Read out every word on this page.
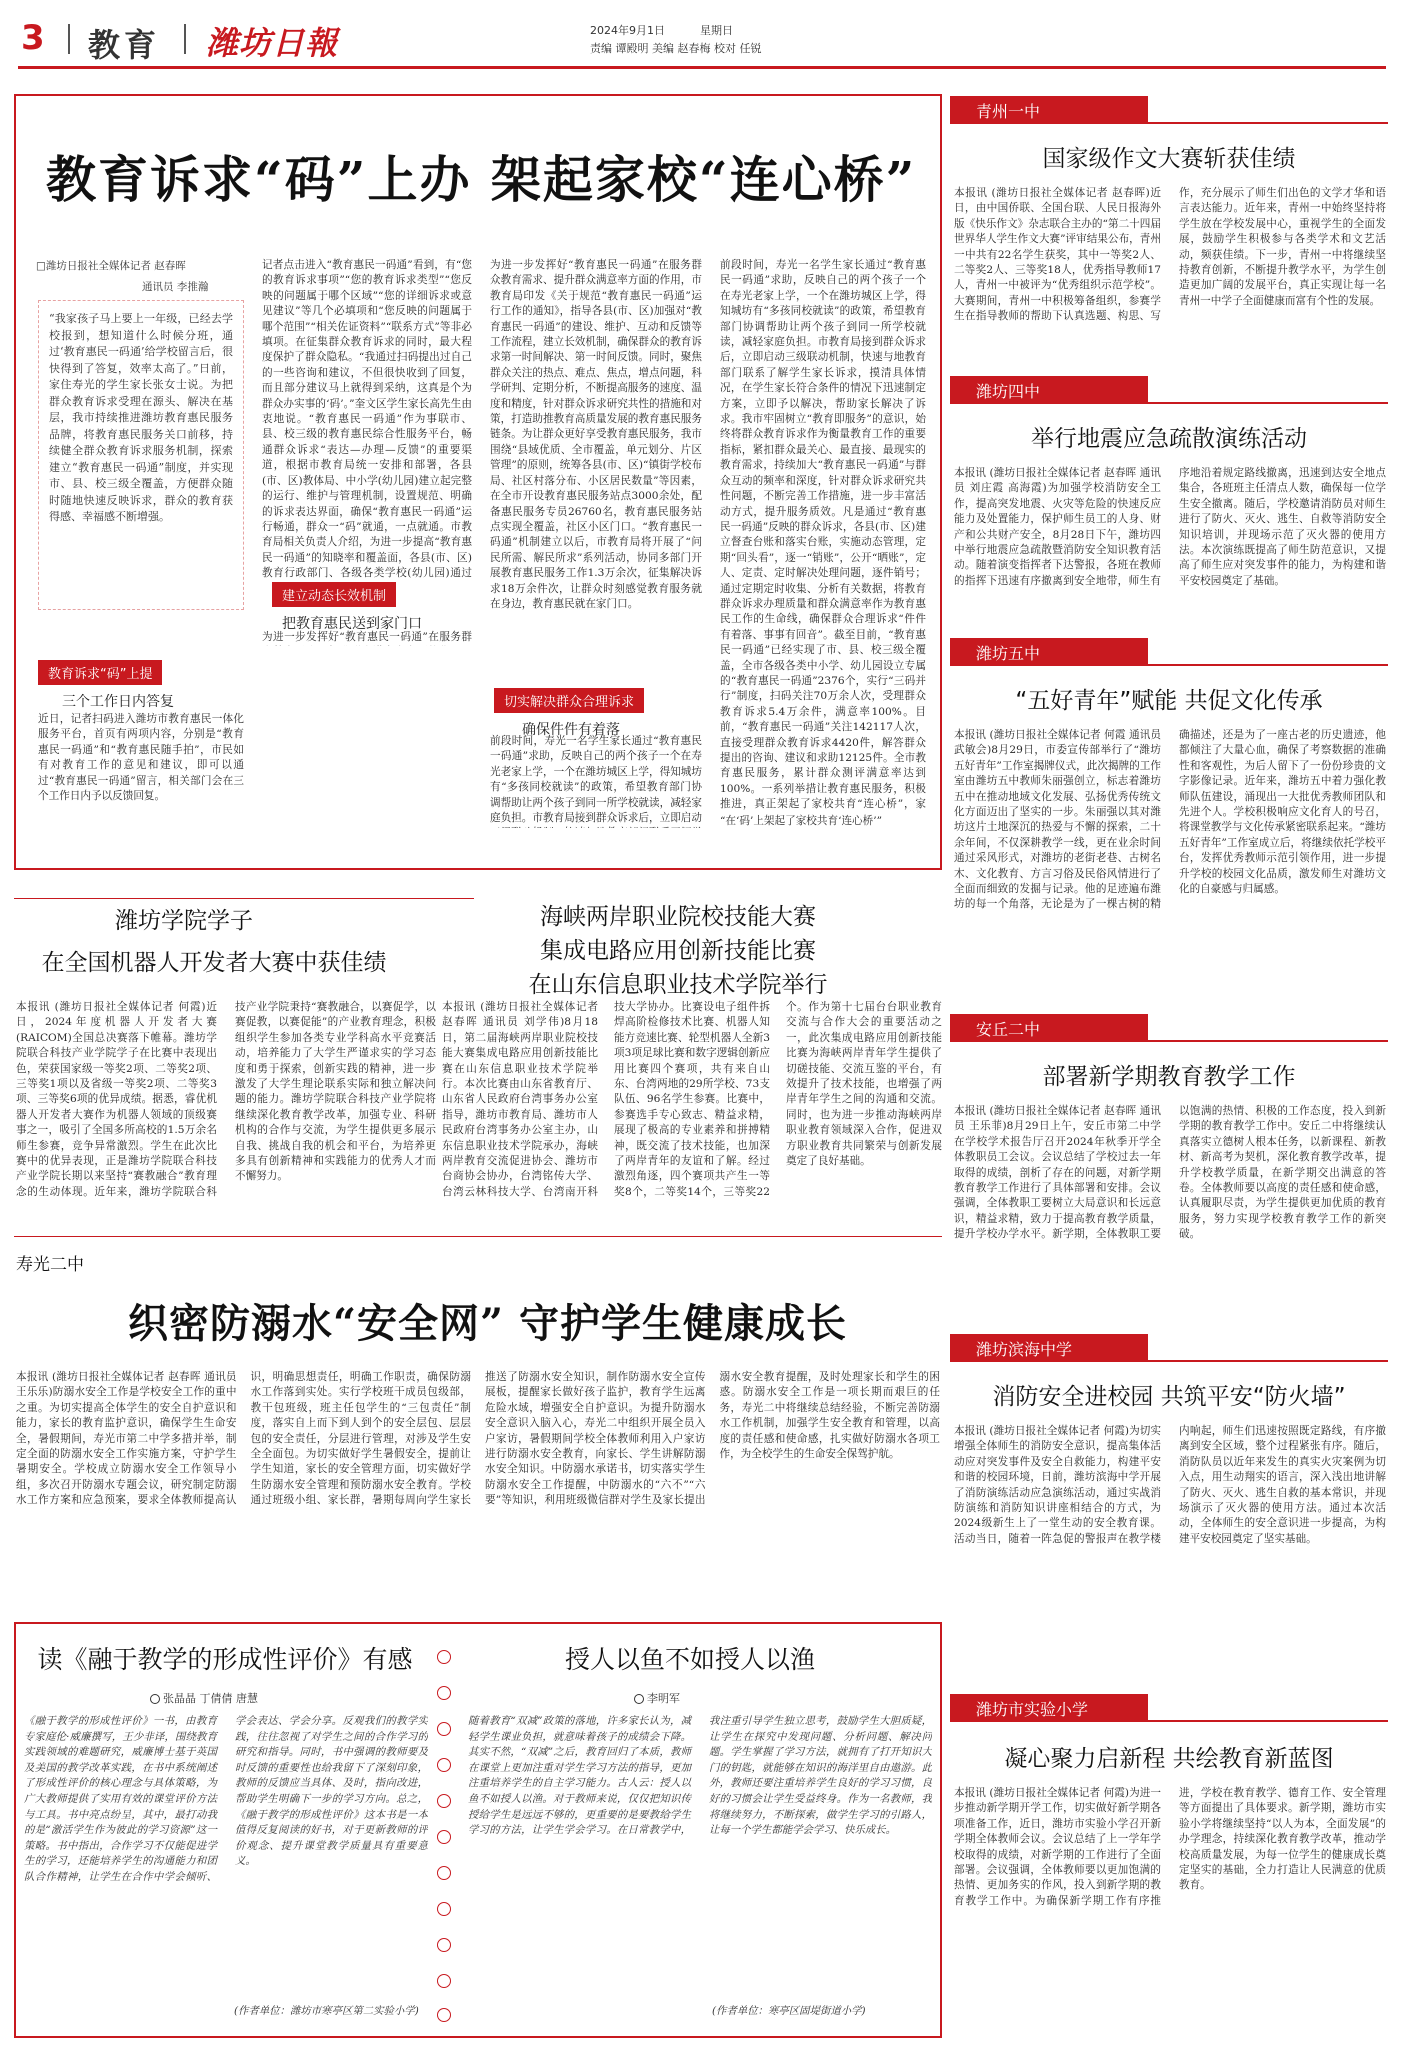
3 教育 潍坊日報	2024年9月1日	星期日
责编 谭殿明 美编 赵春梅 校对 任锐
教育诉求“码”上办 架起家校“连心桥”
□潍坊日报社全媒体记者 赵春晖
通讯员 李推瀚
“我家孩子马上要上一年级，已经去学校报到，想知道什么时候分班，通过‘教育惠民一码通’给学校留言后，很快得到了答复，效率太高了。”日前，家住寿光的学生家长张女士说。为把群众教育诉求受理在源头、解决在基层，我市持续推进潍坊教育惠民服务品牌，将教育惠民服务关口前移，持续健全群众教育诉求服务机制，探索建立“教育惠民一码通”制度，并实现市、县、校三级全覆盖，方便群众随时随地快速反映诉求，群众的教育获得感、幸福感不断增强。
教育诉求“码”上提
三个工作日内答复
近日，记者扫码进入潍坊市教育惠民一体化服务平台，首页有两项内容，分别是“教育惠民一码通”和“教育惠民随手拍”，市民如有对教育工作的意见和建议，即可以通过“教育惠民一码通”留言，相关部门会在三个工作日内予以反馈回复。
记者点击进入“教育惠民一码通”看到，有“您的教育诉求事项”“您的教育诉求类型”“您反映的问题属于哪个区域”“您的详细诉求或意见建议”等几个必填项和“您反映的问题属于哪个范围”“相关佐证资料”“联系方式”等非必填项。在征集群众教育诉求的同时，最大程度保护了群众隐私。“我通过扫码提出过自己的一些咨询和建议，不但很快收到了回复，而且部分建议马上就得到采纳，这真是个为群众办实事的‘码’。”奎文区学生家长高先生由衷地说。“教育惠民一码通”作为事联市、县、校三级的教育惠民综合性服务平台，畅通群众诉求“表达—办理—反馈”的重要渠道，根据市教育局统一安排和部署，各县(市、区)教体局、中小学(幼儿园)建立起完整的运行、维护与管理机制，设置规范、明确的诉求表达界面，确保“教育惠民一码通”运行畅通，群众一“码”就通，一点就通。市教育局相关负责人介绍，为进一步提高“教育惠民一码通”的知晓率和覆盖面，各县(市、区)教育行政部门、各级各类学校(幼儿园)通过
建立动态长效机制
把教育惠民送到家门口
为进一步发挥好“教育惠民一码通”在服务群
为进一步发挥好“教育惠民一码通”在服务群众教育需求、提升群众满意率方面的作用，市教育局印发《关于规范“教育惠民一码通”运行工作的通知》，指导各县(市、区)加强对“教育惠民一码通”的建设、维护、互动和反馈等工作流程，建立长效机制，确保群众的教育诉求第一时间解决、第一时间反馈。同时，聚焦群众关注的热点、难点、焦点，增点问题，科学研判、定期分析，不断提高服务的速度、温度和精度，针对群众诉求研究共性的措施和对策，打造助推教育高质量发展的教育惠民服务链条。为让群众更好享受教育惠民服务，我市围绕“县域优质、全市覆盖，单元划分、片区管理”的原则，统筹各县(市、区)“镇街学校布局、社区村落分布、小区居民数量”等因素，在全市开设教育惠民服务站点3000余处，配备惠民服务专员26760名，教育惠民服务站点实现全覆盖，社区小区门口。“教育惠民一码通”机制建立以后，市教育局将开展了“问民所需、解民所求”系列活动，协同多部门开展教育惠民服务工作1.3万余次，征集解决诉求18万余件次，让群众时刻感觉教育服务就在身边，教育惠民就在家门口。
切实解决群众合理诉求
确保件件有着落
前段时间，寿光一名学生家长通过“教育惠民一码通”求助，反映自己的两个孩子一个在寿光老家上学，一个在潍坊城区上学，得知城坊有“多孩同校就读”的政策，希望教育部门协调帮助让两个孩子到同一所学校就读，减轻家庭负担。市教育局接到群众诉求后，立即启动
前段时间，寿光一名学生家长通过“教育惠民一码通”求助，反映自己的两个孩子一个在寿光老家上学，一个在潍坊城区上学，得知城坊有“多孩同校就读”的政策，希望教育部门协调帮助让两个孩子到同一所学校就读，减轻家庭负担。市教育局接到群众诉求后，立即启动三级联动机制，快速与地教育部门联系了解学生家长诉求，摸清具体情况，在学生家长符合条件的情况下迅速制定方案，立即予以解决，帮助家长解决了诉求。我市牢固树立“教育即服务”的意识，始终将群众教育诉求作为衡量教育工作的重要指标，紧扣群众最关心、最直接、最现实的教育需求，持续加大“教育惠民一码通”与群众互动的频率和深度，针对群众诉求研究共性问题，不断完善工作措施，进一步丰富活动方式，提升服务质效。凡是通过“教育惠民一码通”反映的群众诉求，各县(市、区)建立督查台账和落实台账，实施动态管理，定期“回头看”，逐一“销账”，公开“晒账”，定人、定责、定时解决处理问题，逐件销号；通过定期定时收集、分析有关数据，将教育群众诉求办理质量和群众满意率作为教育惠民工作的生命线，确保群众合理诉求“件件有着落、事事有回音”。截至目前，“教育惠民一码通”已经实现了市、县、校三级全覆盖，全市各级各类中小学、幼儿园设立专属的“教育惠民一码通”2376个，实行“三码并行”制度，扫码关注70万余人次，受理群众教育诉求5.4万余件，满意率100%。目前，“教育惠民一码通”关注142117人次，直接受理群众教育诉求4420件，解答群众提出的咨询、建议和求助12125件。全市教育惠民服务，累计群众测评满意率达到100%。一系列举措让教育惠民服务，积极推进，真正架起了家校共育“连心桥”，家
“在‘码’上架起了家校共育‘连心桥’”
潍坊学院学子
在全国机器人开发者大赛中获佳绩
本报讯 (潍坊日报社全媒体记者 何霞)近日，2024年度机器人开发者大赛(RAICOM)全国总决赛落下帷幕。潍坊学院联合科技产业学院学子在比赛中表现出色，荣获国家级一等奖2项、二等奖2项、三等奖1项以及省级一等奖2项、二等奖3项、三等奖6项的优异成绩。据悉，睿优机器人开发者大赛作为机器人领域的顶级赛事之一，吸引了全国多所高校的1.5万余名师生参赛，竞争异常激烈。学生在此次比赛中的优异表现，正是潍坊学院联合科技产业学院长期以来坚持“赛教融合”教育理念的生动体现。近年来，潍坊学院联合科技产业学院秉持“赛教融合，以赛促学，以赛促教，以赛促能”的产业教育理念，积极组织学生参加各类专业学科高水平竞赛活动，培养能力了大学生严谨求实的学习态度和勇于探索，创新实践的精神，进一步激发了大学生理论联系实际和独立解决问题的能力。潍坊学院联合科技产业学院将继续深化教育教学改革，加强专业、科研机构的合作与交流，为学生提供更多展示自我、挑战自我的机会和平台，为培养更多具有创新精神和实践能力的优秀人才而不懈努力。
海峡两岸职业院校技能大赛
集成电路应用创新技能比赛
在山东信息职业技术学院举行
本报讯 (潍坊日报社全媒体记者 赵春晖 通讯员 刘学伟)8月18日，第二届海峡两岸职业院校技能大赛集成电路应用创新技能比赛在山东信息职业技术学院举行。本次比赛由山东省教育厅、山东省人民政府台湾事务办公室指导，潍坊市教育局、潍坊市人民政府台湾事务办公室主办，山东信息职业技术学院承办，海峡两岸教育交流促进协会、潍坊市台商协会协办，台湾铭传大学、台湾云林科技大学、台湾南开科技大学协办。比赛设电子组件拆焊高阶检修技术比赛、机器人知能方竞速比赛、轮型机器人全新3项3项足球比赛和数字逻辑创新应用比赛四个赛项，共有来自山东、台湾两地的29所学校、73支队伍、96名学生参赛。比赛中，参赛选手专心致志、精益求精，展现了极高的专业素养和拼搏精神，既交流了技术技能，也加深了两岸青年的友谊和了解。经过激烈角逐，四个赛项共产生一等奖8个，二等奖14个，三等奖22个。作为第十七届台台职业教育交流与合作大会的重要活动之一，此次集成电路应用创新技能比赛为海峡两岸青年学生提供了切磋技能、交流互鉴的平台，有效提升了技术技能，也增强了两岸青年学生之间的沟通和交流。同时，也为进一步推动海峡两岸职业教育领域深入合作，促进双方职业教育共同繁荣与创新发展奠定了良好基础。
寿光二中
织密防溺水“安全网” 守护学生健康成长
本报讯 (潍坊日报社全媒体记者 赵春晖 通讯员 王乐乐)防溺水安全工作是学校安全工作的重中之重。为切实提高全体学生的安全自护意识和能力，家长的教育监护意识，确保学生生命安全，暑假期间，寿光市第二中学多措并举，制定全面的防溺水安全工作实施方案，守护学生暑期安全。学校成立防溺水安全工作领导小组，多次召开防溺水专题会议，研究制定防溺水工作方案和应急预案，要求全体教师提高认识，明确思想责任，明确工作职责，确保防溺水工作落到实处。实行学校班干成员包级部，教干包班级，班主任包学生的“三包责任”制度，落实自上而下到人到个的安全层包、层层包的安全责任，分层进行管理，对涉及学生安全全面包。为切实做好学生暑假安全，提前让学生知道，家长的安全管理方面，切实做好学生防溺水安全管理和预防溺水安全教育。学校通过班级小组、家长群，暑期每周向学生家长推送了防溺水安全知识，制作防溺水安全宣传展板，提醒家长做好孩子监护，教育学生远离危险水域，增强安全自护意识。为提升防溺水安全意识入脑入心，寿光二中组织开展全员入户家访，暑假期间学校全体教师利用入户家访进行防溺水安全教育，向家长、学生讲解防溺水安全知识。中防溺水承诺书，切实落实学生防溺水安全工作提醒，中防溺水的“六不”“六要”等知识，利用班级微信群对学生及家长提出溺水安全教育提醒，及时处理家长和学生的困惑。防溺水安全工作是一项长期而艰巨的任务，寿光二中将继续总结经验，不断完善防溺水工作机制，加强学生安全教育和管理，以高度的责任感和使命感，扎实做好防溺水各项工作，为全校学生的生命安全保驾护航。
读《融于教学的形成性评价》有感
张晶晶 丁倩倩 唐慧
《融于教学的形成性评价》一书，由教育专家庭伦·威廉撰写，王少非译，围绕教育实践领域的难题研究，威廉博士基于英国及美国的教学改革实践，在书中系统阐述了形成性评价的核心理念与具体策略，为广大教师提供了实用有效的课堂评价方法与工具。书中亮点纷呈，其中，最打动我的是“激活学生作为彼此的学习资源”这一策略。书中指出，合作学习不仅能促进学生的学习，还能培养学生的沟通能力和团队合作精神，让学生在合作中学会倾听、学会表达、学会分享。反观我们的教学实践，往往忽视了对学生之间的合作学习的研究和指导。同时，书中强调的教师要及时反馈的重要性也给我留下了深刻印象，教师的反馈应当具体、及时，指向改进，帮助学生明确下一步的学习方向。总之，《融于教学的形成性评价》这本书是一本值得反复阅读的好书，对于更新教师的评价观念、提升课堂教学质量具有重要意义。
(作者单位：潍坊市寒亭区第二实验小学)
授人以鱼不如授人以渔
李明军
随着教育“双减”政策的落地，许多家长认为，减轻学生课业负担，就意味着孩子的成绩会下降。其实不然，“双减”之后，教育回归了本质，教师在课堂上更加注重对学生学习方法的指导，更加注重培养学生的自主学习能力。古人云：授人以鱼不如授人以渔。对于教师来说，仅仅把知识传授给学生是远远不够的，更重要的是要教给学生学习的方法，让学生学会学习。在日常教学中，我注重引导学生独立思考，鼓励学生大胆质疑，让学生在探究中发现问题、分析问题、解决问题。学生掌握了学习方法，就拥有了打开知识大门的钥匙，就能够在知识的海洋里自由遨游。此外，教师还要注重培养学生良好的学习习惯，良好的习惯会让学生受益终身。作为一名教师，我将继续努力，不断探索，做学生学习的引路人，让每一个学生都能学会学习、快乐成长。
(作者单位：寒亭区固堤街道小学)
青州一中
国家级作文大赛斩获佳绩
本报讯 (潍坊日报社全媒体记者 赵春晖)近日，由中国侨联、全国台联、人民日报海外版《快乐作文》杂志联合主办的“第二十四届世界华人学生作文大赛”评审结果公布，青州一中共有22名学生获奖，其中一等奖2人、二等奖2人、三等奖18人，优秀指导教师17人，青州一中被评为“优秀组织示范学校”。大赛期间，青州一中积极筹备组织，参赛学生在指导教师的帮助下认真选题、构思、写作，充分展示了师生们出色的文学才华和语言表达能力。近年来，青州一中始终坚持将学生放在学校发展中心，重视学生的全面发展，鼓励学生积极参与各类学术和文艺活动，频获佳绩。下一步，青州一中将继续坚持教育创新，不断提升教学水平，为学生创造更加广阔的发展平台，真正实现让每一名青州一中学子全面健康而富有个性的发展。
潍坊四中
举行地震应急疏散演练活动
本报讯 (潍坊日报社全媒体记者 赵春晖 通讯员 刘庄霞 高海霞)为加强学校消防安全工作，提高突发地震、火灾等危险的快速反应能力及处置能力，保护师生员工的人身、财产和公共财产安全，8月28日下午，潍坊四中举行地震应急疏散暨消防安全知识教育活动。随着演变指挥者下达警报，各班在教师的指挥下迅速有序撤离到安全地带，师生有序地沿着规定路线撤离，迅速到达安全地点集合，各班班主任清点人数，确保每一位学生安全撤离。随后，学校邀请消防员对师生进行了防火、灭火、逃生、自救等消防安全知识培训，并现场示范了灭火器的使用方法。本次演练既提高了师生防范意识，又提高了师生应对突发事件的能力，为构建和谐平安校园奠定了基础。
潍坊五中
“五好青年”赋能 共促文化传承
本报讯 (潍坊日报社全媒体记者 何霞 通讯员 武敏会)8月29日，市委宣传部举行了“潍坊五好青年”工作室揭牌仪式，此次揭牌的工作室由潍坊五中教师朱丽强创立，标志着潍坊五中在推动地域文化发展、弘扬优秀传统文化方面迈出了坚实的一步。朱丽强以其对潍坊这片土地深沉的热爱与不懈的探索，二十余年间，不仅深耕教学一线，更在业余时间通过采风形式，对潍坊的老街老巷、古树名木、文化教育、方言习俗及民俗风情进行了全面而细致的发掘与记录。他的足迹遍布潍坊的每一个角落，无论是为了一棵古树的精确描述，还是为了一座古老的历史遗迹，他都倾注了大量心血，确保了考察数据的准确性和客观性，为后人留下了一份份珍贵的文字影像记录。近年来，潍坊五中着力强化教师队伍建设，涌现出一大批优秀教师团队和先进个人。学校积极响应文化育人的号召，将课堂教学与文化传承紧密联系起来。“潍坊五好青年”工作室成立后，将继续依托学校平台，发挥优秀教师示范引领作用，进一步提升学校的校园文化品质，激发师生对潍坊文化的自豪感与归属感。
安丘二中
部署新学期教育教学工作
本报讯 (潍坊日报社全媒体记者 赵春晖 通讯员 王乐菲)8月29日上午，安丘市第二中学在学校学术报告厅召开2024年秋季开学全体教职员工会议。会议总结了学校过去一年取得的成绩，剖析了存在的问题，对新学期教育教学工作进行了具体部署和安排。会议强调，全体教职工要树立大局意识和长远意识，精益求精，致力于提高教育教学质量，提升学校办学水平。新学期，全体教职工要以饱满的热情、积极的工作态度，投入到新学期的教育教学工作中。安丘二中将继续认真落实立德树人根本任务，以新课程、新教材、新高考为契机，深化教育教学改革，提升学校教学质量，在新学期交出满意的答卷。全体教师要以高度的责任感和使命感，认真履职尽责，为学生提供更加优质的教育服务，努力实现学校教育教学工作的新突破。
潍坊滨海中学
消防安全进校园 共筑平安“防火墙”
本报讯 (潍坊日报社全媒体记者 何霞)为切实增强全体师生的消防安全意识，提高集体活动应对突发事件及安全自救能力，构建平安和谐的校园环境，日前，潍坊滨海中学开展了消防演练活动应急演练活动，通过实战消防演练和消防知识讲座相结合的方式，为2024级新生上了一堂生动的安全教育课。活动当日，随着一阵急促的警报声在教学楼内响起，师生们迅速按照既定路线，有序撤离到安全区域，整个过程紧张有序。随后，消防队员以近年来发生的真实火灾案例为切入点，用生动翔实的语言，深入浅出地讲解了防火、灭火、逃生自救的基本常识，并现场演示了灭火器的使用方法。通过本次活动，全体师生的安全意识进一步提高，为构建平安校园奠定了坚实基础。
潍坊市实验小学
凝心聚力启新程 共绘教育新蓝图
本报讯 (潍坊日报社全媒体记者 何霞)为进一步推动新学期开学工作，切实做好新学期各项准备工作，近日，潍坊市实验小学召开新学期全体教师会议。会议总结了上一学年学校取得的成绩，对新学期的工作进行了全面部署。会议强调，全体教师要以更加饱满的热情、更加务实的作风，投入到新学期的教育教学工作中。为确保新学期工作有序推进，学校在教育教学、德育工作、安全管理等方面提出了具体要求。新学期，潍坊市实验小学将继续坚持“以人为本，全面发展”的办学理念，持续深化教育教学改革，推动学校高质量发展，为每一位学生的健康成长奠定坚实的基础，全力打造让人民满意的优质教育。
